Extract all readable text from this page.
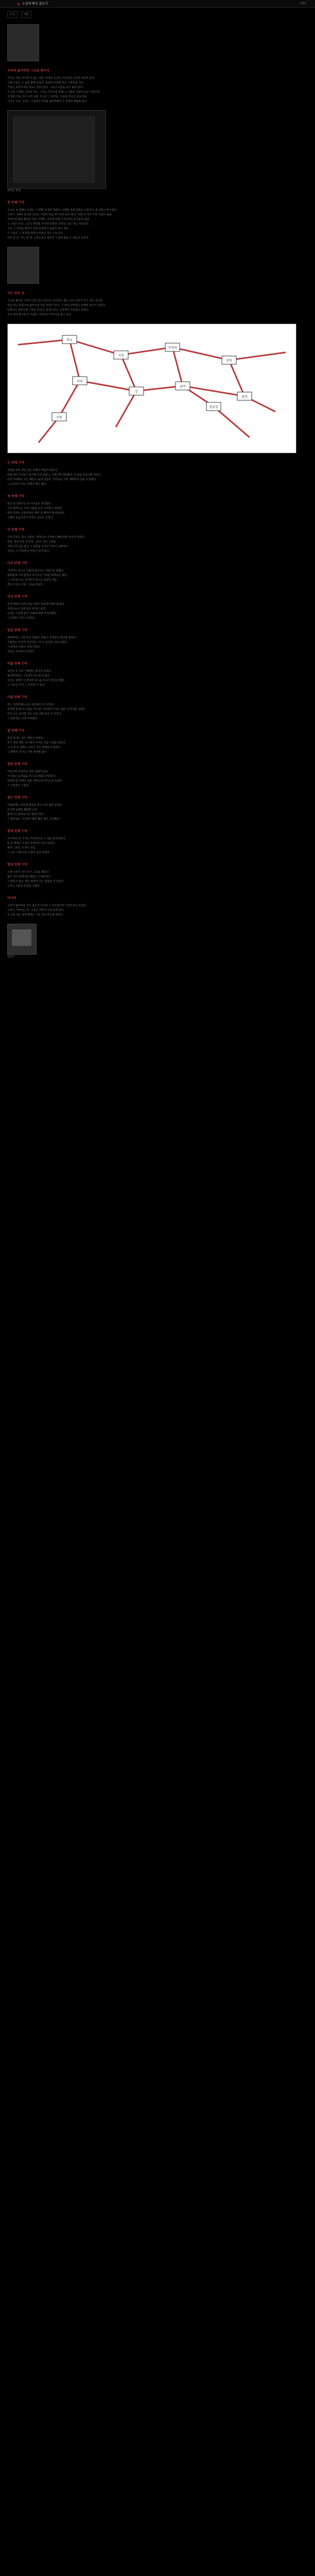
소설에 빠진 블로거	LOG
소설	예술
우리의 잃어버린 그곳을 찾아서
우리는 지금 어디에 서 있는 걸까. 잊혀진 공간의 이야기를 조금씩 꺼내어 본다.
그때 우리는 그 길을 함께 걸었다. 골목과 다리와 작은 시장들을 지나.
기억은 흐려지지만 장소는 남아 있다. 그곳의 이름을 다시 불러 본다.
이 글은 오래된 사진과 지도, 그리고 이야기를 통해 그 시절을 되짚어 보는 기록이다.
저 멀리 강을 건너 다리 위를 지나던 그 풍경들. 서로를 부르던 목소리들.
그리고 지금, 우리는 그곳에서 무엇을 잃어버렸는지 천천히 떠올려 본다.
잊혀진 풍경
첫 번째 기억
도시는 늘 변했고 우리는 그 변화 속에서 자랐다. 오래된 집과 골목은 사라지고 새 건물이 들어섰다.
그러나 그때의 공기와 소리는 여전히 마음 한구석에 남아 있다. 어릴 적 자주 가던 시장의 냄새.
저녁이면 불을 밝히던 작은 가게들. 길모퉁이에서 기다리던 친구들의 얼굴.
그 시절 우리는 그곳이 영원할 것이라 믿었다. 하지만 모든 것은 지나갔다.
지금 그 자리를 찾아가 보면 흔적만이 조용히 남아 있다.
이 기록은 그 흔적을 따라가 보려는 작은 시도이다.
사진 한 장, 지도 한 장. 그것으로도 충분히 그곳에 닿을 수 있을지 모른다.
지도 위의 길
지도를 펼치면 우리가 걷던 길이 선으로 이어진다. 붉은 선은 우리가 자주 걷던 길이다.
강을 건너 북쪽으로 올라가면 작은 언덕이 있고, 그 언덕 너머에는 오래된 학교가 있었다.
남쪽으로 내려가면 시장이 있었고, 동쪽으로는 기차역이 자리잡고 있었다.
지도 위에 표시된 각 지점은 저마다의 이야기를 품고 있다.
학교
시장
기차역
언덕
다리
강
골목
광장
공원
정류장
두 번째 기억
강변을 따라 걷던 길은 언제나 바람이 불었다.
여름이면 아이들이 물가에 모여 놀았고, 겨울이면 얼어붙은 강 위를 조심스레 걸었다.
다리 아래에는 작은 배들이 묶여 있었다. 어부들은 이른 새벽부터 일을 시작했다.
그 소리에 우리는 잠에서 깨곤 했다.
세 번째 기억
학교 앞 문방구는 늘 아이들로 북적였다.
주인 할머니는 우리 이름을 모두 기억하고 계셨다.
방과 후에는 운동장에서 해가 질 때까지 뛰어놀았다.
그때의 웃음소리가 아직도 들리는 듯하다.
네 번째 기억
시장 골목은 좁고 길었다. 양쪽으로 가게들이 빼곡하게 늘어서 있었다.
떡집, 생선가게, 옷가게, 그리고 작은 식당들.
어머니의 손을 잡고 그 골목을 지나던 기억이 선명하다.
지금은 그 자리에 큰 마트가 들어섰다.
다섯 번째 기억
기차역은 떠나는 사람과 돌아오는 사람으로 붐볐다.
플랫폼에 서서 멀리서 다가오는 기차를 바라보곤 했다.
그 기차를 타고 어디론가 떠나고 싶었던 마음.
결국 우리는 모두 그곳을 떠났다.
여섯 번째 기억
언덕 위에 오르면 마을 전체가 한눈에 내려다보였다.
저녁노을이 지붕 위로 번지던 풍경.
우리는 그곳에 앉아 미래에 대해 이야기했다.
그 미래가 지금이 되었다.
일곱 번째 기억
광장에서는 가끔 장이 열렸다. 떠돌이 상인들이 물건을 팔았다.
사람들은 모여서 이야기를 나누고 음식을 나눠 먹었다.
그 광장은 마을의 중심이었다.
지금은 주차장이 되었다.
여덟 번째 기억
공원의 큰 나무 아래에는 벤치가 있었다.
할아버지들은 그곳에서 장기를 두셨다.
우리는 옆에서 구경하며 훈수를 두다가 혼나곤 했다.
그 나무는 아직 그 자리에 서 있다.
아홉 번째 기억
버스 정류장에는 낡은 표지판이 서 있었다.
하루에 몇 번 오지 않는 버스를 기다리며 우리는 많은 이야기를 나눴다.
비가 오는 날이면 작은 지붕 아래 모여 서 있었다.
그 정류장은 이제 사라졌다.
열 번째 기억
골목 끝에는 작은 책방이 있었다.
먼지 쌓인 책들 사이에서 우리는 처음 소설을 만났다.
그 소설 속 세계는 우리가 사는 세계보다 넓었다.
그 책방의 주인은 이제 세상에 없다.
열한 번째 기억
겨울이면 골목마다 연탄 냄새가 났다.
아이들은 눈싸움을 하고 눈사람을 만들었다.
따뜻한 방 안에서 귤을 까먹으며 라디오를 들었다.
그 겨울들이 그립다.
열두 번째 기억
여름밤에는 마당에 평상을 펴고 누워 별을 보았다.
모기향 냄새와 풀벌레 소리.
할머니가 들려주시던 옛날이야기.
그 밤하늘은 지금보다 훨씬 많은 별로 가득했다.
열세 번째 기억
이사하던 날, 우리는 마지막으로 그 집을 둘러보았다.
텅 빈 방에는 우리의 흔적만이 남아 있었다.
벽에 그려진 키 재기 선들.
그 집은 이제 다른 사람의 집이 되었다.
열네 번째 기억
오랜 시간이 지나 다시 그곳을 찾았다.
많은 것이 변했지만 몇몇은 그대로였다.
그 변하지 않은 것들 앞에서 나는 한참을 서 있었다.
그리고 조용히 안녕을 고했다.
마치며
우리가 잃어버린 것은 장소가 아니라 그 장소에서의 시간일지도 모른다.
그러나 기억하는 한, 그곳은 여전히 우리 안에 있다.
이 글을 읽는 당신에게도 그런 곳이 있기를 바란다.
글쓴이
